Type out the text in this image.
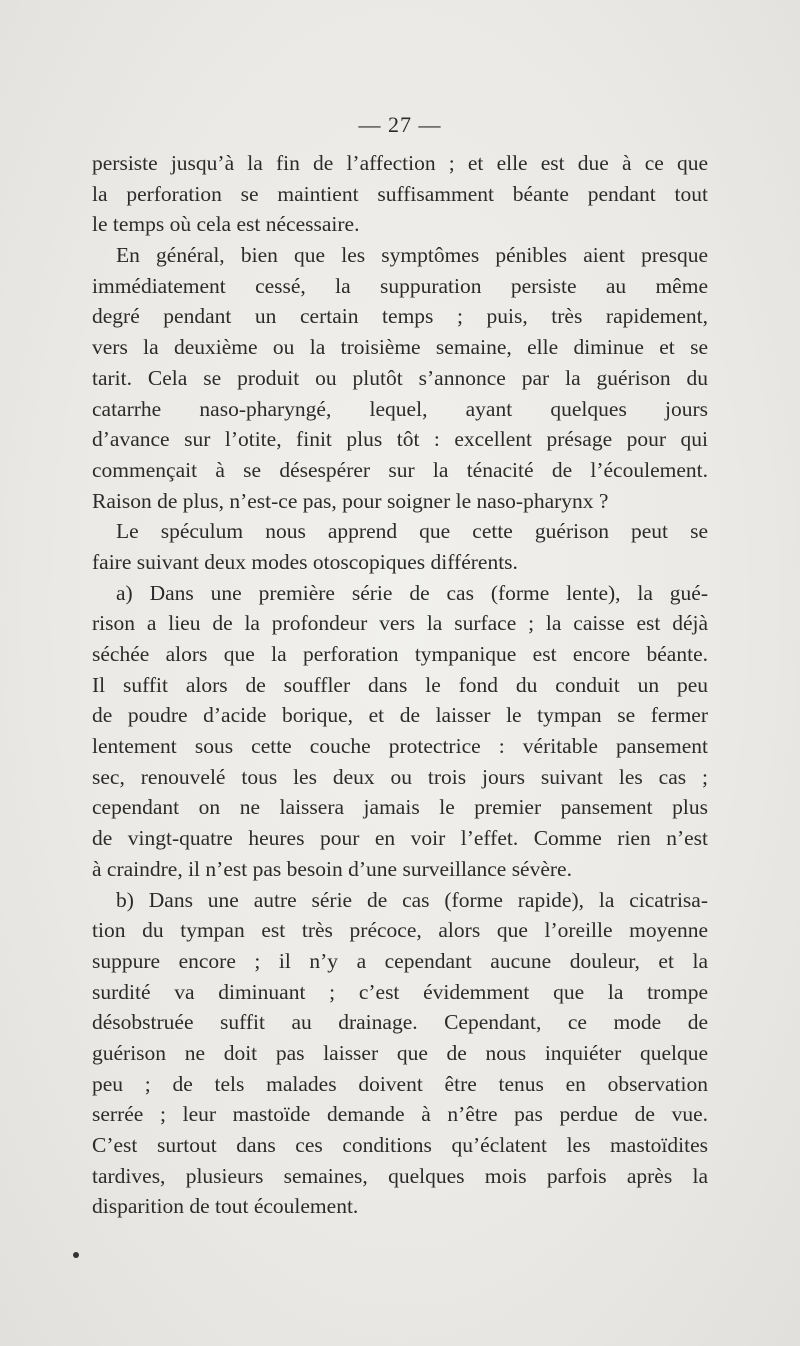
— 27 —
persiste jusqu’à la fin de l’affection ; et elle est due à ce que
la perforation se maintient suffisamment béante pendant tout
le temps où cela est nécessaire.
En général, bien que les symptômes pénibles aient presque
immédiatement cessé, la suppuration persiste au même
degré pendant un certain temps ; puis, très rapidement,
vers la deuxième ou la troisième semaine, elle diminue et se
tarit. Cela se produit ou plutôt s’annonce par la guérison du
catarrhe naso-pharyngé, lequel, ayant quelques jours
d’avance sur l’otite, finit plus tôt : excellent présage pour qui
commençait à se désespérer sur la ténacité de l’écoulement.
Raison de plus, n’est-ce pas, pour soigner le naso-pharynx ?
Le spéculum nous apprend que cette guérison peut se
faire suivant deux modes otoscopiques différents.
a) Dans une première série de cas (forme lente), la gué-
rison a lieu de la profondeur vers la surface ; la caisse est déjà
séchée alors que la perforation tympanique est encore béante.
Il suffit alors de souffler dans le fond du conduit un peu
de poudre d’acide borique, et de laisser le tympan se fermer
lentement sous cette couche protectrice : véritable pansement
sec, renouvelé tous les deux ou trois jours suivant les cas ;
cependant on ne laissera jamais le premier pansement plus
de vingt-quatre heures pour en voir l’effet. Comme rien n’est
à craindre, il n’est pas besoin d’une surveillance sévère.
b) Dans une autre série de cas (forme rapide), la cicatrisa-
tion du tympan est très précoce, alors que l’oreille moyenne
suppure encore ; il n’y a cependant aucune douleur, et la
surdité va diminuant ; c’est évidemment que la trompe
désobstruée suffit au drainage. Cependant, ce mode de
guérison ne doit pas laisser que de nous inquiéter quelque
peu ; de tels malades doivent être tenus en observation
serrée ; leur mastoïde demande à n’être pas perdue de vue.
C’est surtout dans ces conditions qu’éclatent les mastoïdites
tardives, plusieurs semaines, quelques mois parfois après la
disparition de tout écoulement.
